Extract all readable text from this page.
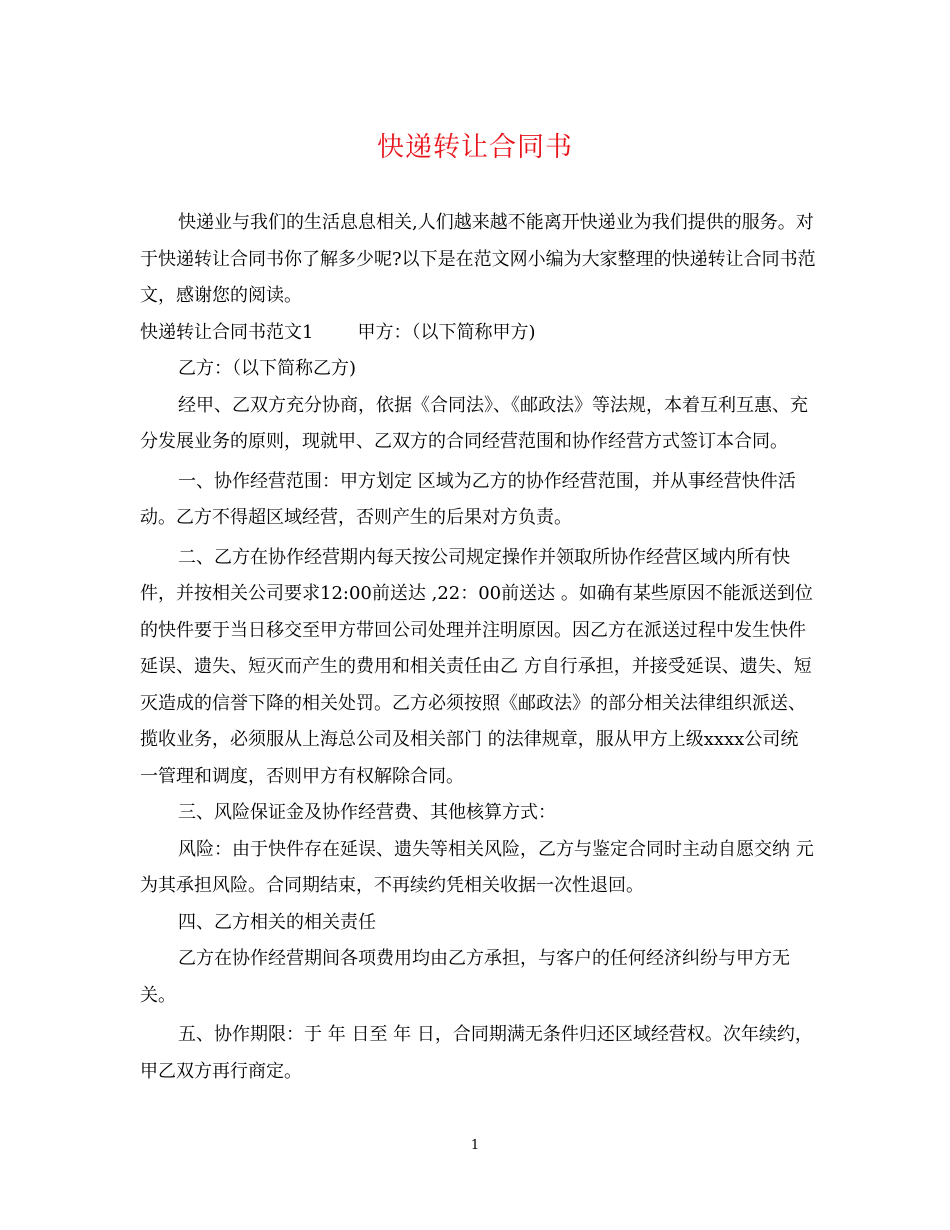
快递转让合同书

快递业与我们的生活息息相关,人们越来越不能离开快递业为我们提供的服务。对于快递转让合同书你了解多少呢?以下是在范文网小编为大家整理的快递转让合同书范文，感谢您的阅读。

快递转让合同书范文1 甲方：（以下简称甲方)

乙方：（以下简称乙方)

经甲、乙双方充分协商，依据《合同法》、《邮政法》等法规，本着互利互惠、充分发展业务的原则，现就甲、乙双方的合同经营范围和协作经营方式签订本合同。

一、协作经营范围：甲方划定 区域为乙方的协作经营范围，并从事经营快件活动。乙方不得超区域经营，否则产生的后果对方负责。

二、乙方在协作经营期内每天按公司规定操作并领取所协作经营区域内所有快件，并按相关公司要求12:00前送达 ,22：00前送达 。如确有某些原因不能派送到位的快件要于当日移交至甲方带回公司处理并注明原因。因乙方在派送过程中发生快件延误、遗失、短灭而产生的费用和相关责任由乙 方自行承担，并接受延误、遗失、短灭造成的信誉下降的相关处罚。乙方必须按照《邮政法》的部分相关法律组织派送、揽收业务，必须服从上海总公司及相关部门 的法律规章，服从甲方上级xxxx公司统一管理和调度，否则甲方有权解除合同。

三、风险保证金及协作经营费、其他核算方式：

风险：由于快件存在延误、遗失等相关风险，乙方与鉴定合同时主动自愿交纳 元为其承担风险。合同期结束，不再续约凭相关收据一次性退回。

四、乙方相关的相关责任

乙方在协作经营期间各项费用均由乙方承担，与客户的任何经济纠纷与甲方无关。

五、协作期限：于 年 日至 年 日，合同期满无条件归还区域经营权。次年续约，甲乙双方再行商定。

1
